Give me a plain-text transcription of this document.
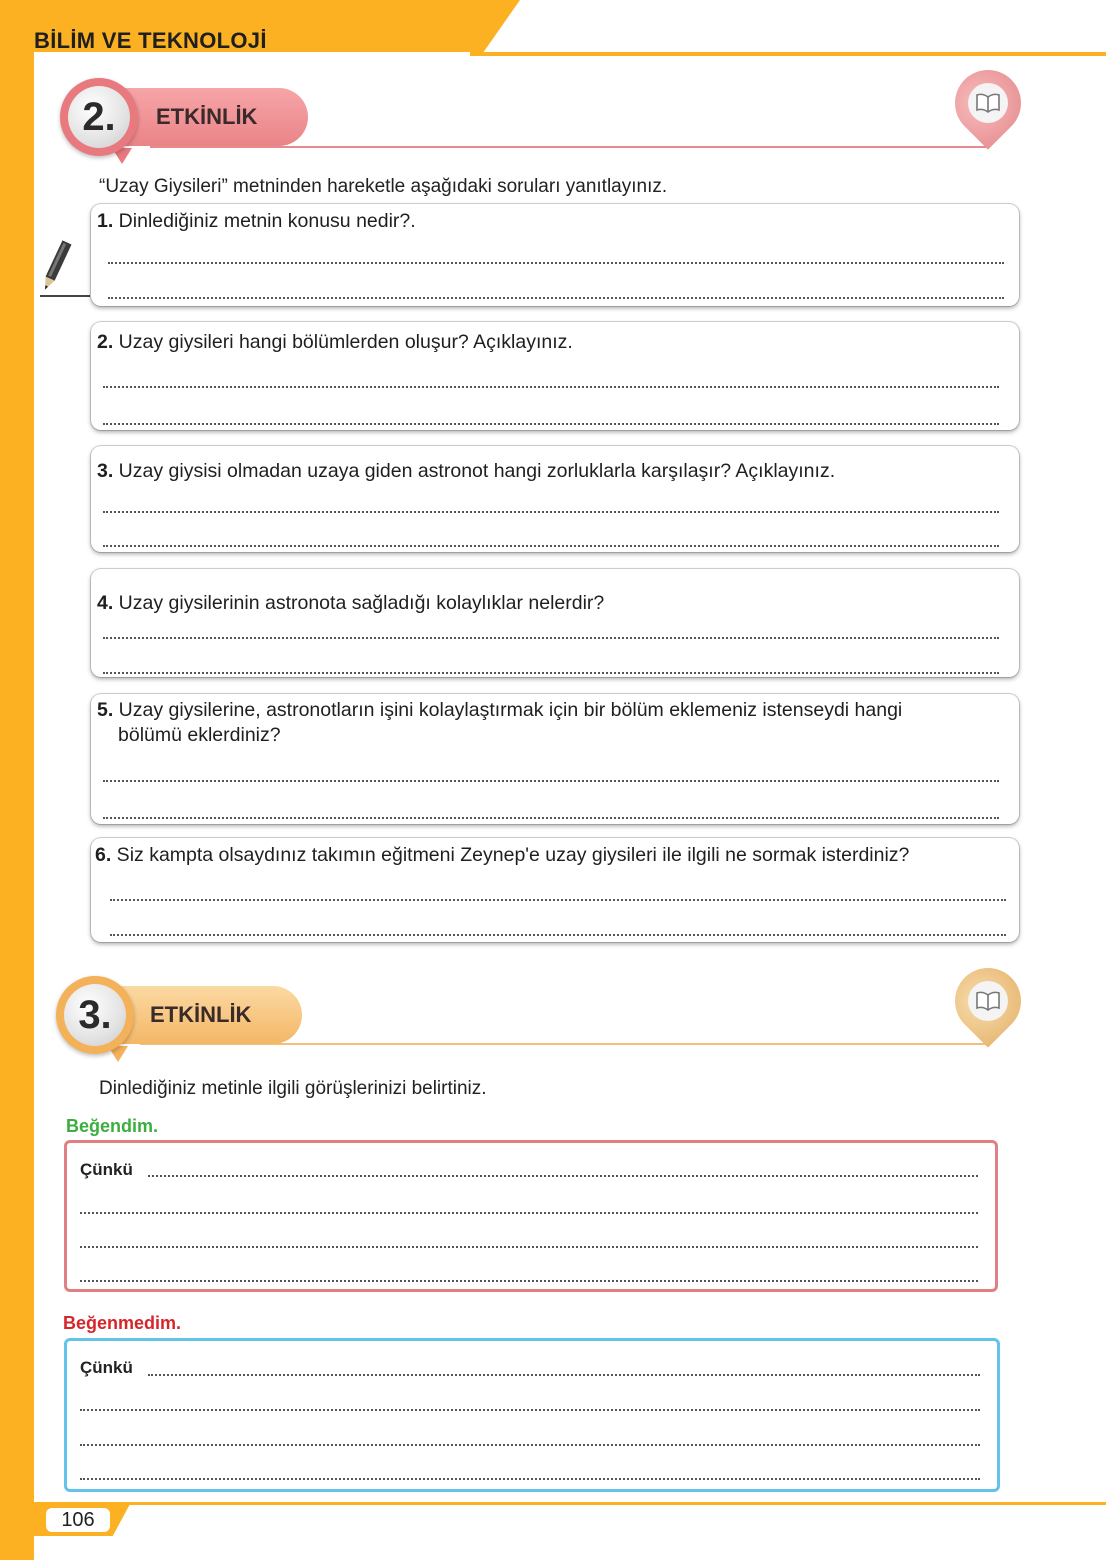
BİLİM VE TEKNOLOJİ
ETKİNLİK
2.
“Uzay Giysileri” metninden hareketle aşağıdaki soruları yanıtlayınız.
1. Dinlediğiniz metnin konusu nedir?.
2. Uzay giysileri hangi bölümlerden oluşur? Açıklayınız.
3. Uzay giysisi olmadan uzaya giden astronot hangi zorluklarla karşılaşır? Açıklayınız.
4. Uzay giysilerinin astronota sağladığı kolaylıklar nelerdir?
5. Uzay giysilerine, astronotların işini kolaylaştırmak için bir bölüm eklemeniz istenseydi hangi
bölümü eklerdiniz?
6. Siz kampta olsaydınız takımın eğitmeni Zeynep'e uzay giysileri ile ilgili ne sormak isterdiniz?
ETKİNLİK
3.
Dinlediğiniz metinle ilgili görüşlerinizi belirtiniz.
Beğendim.
Çünkü
Beğenmedim.
Çünkü
106
